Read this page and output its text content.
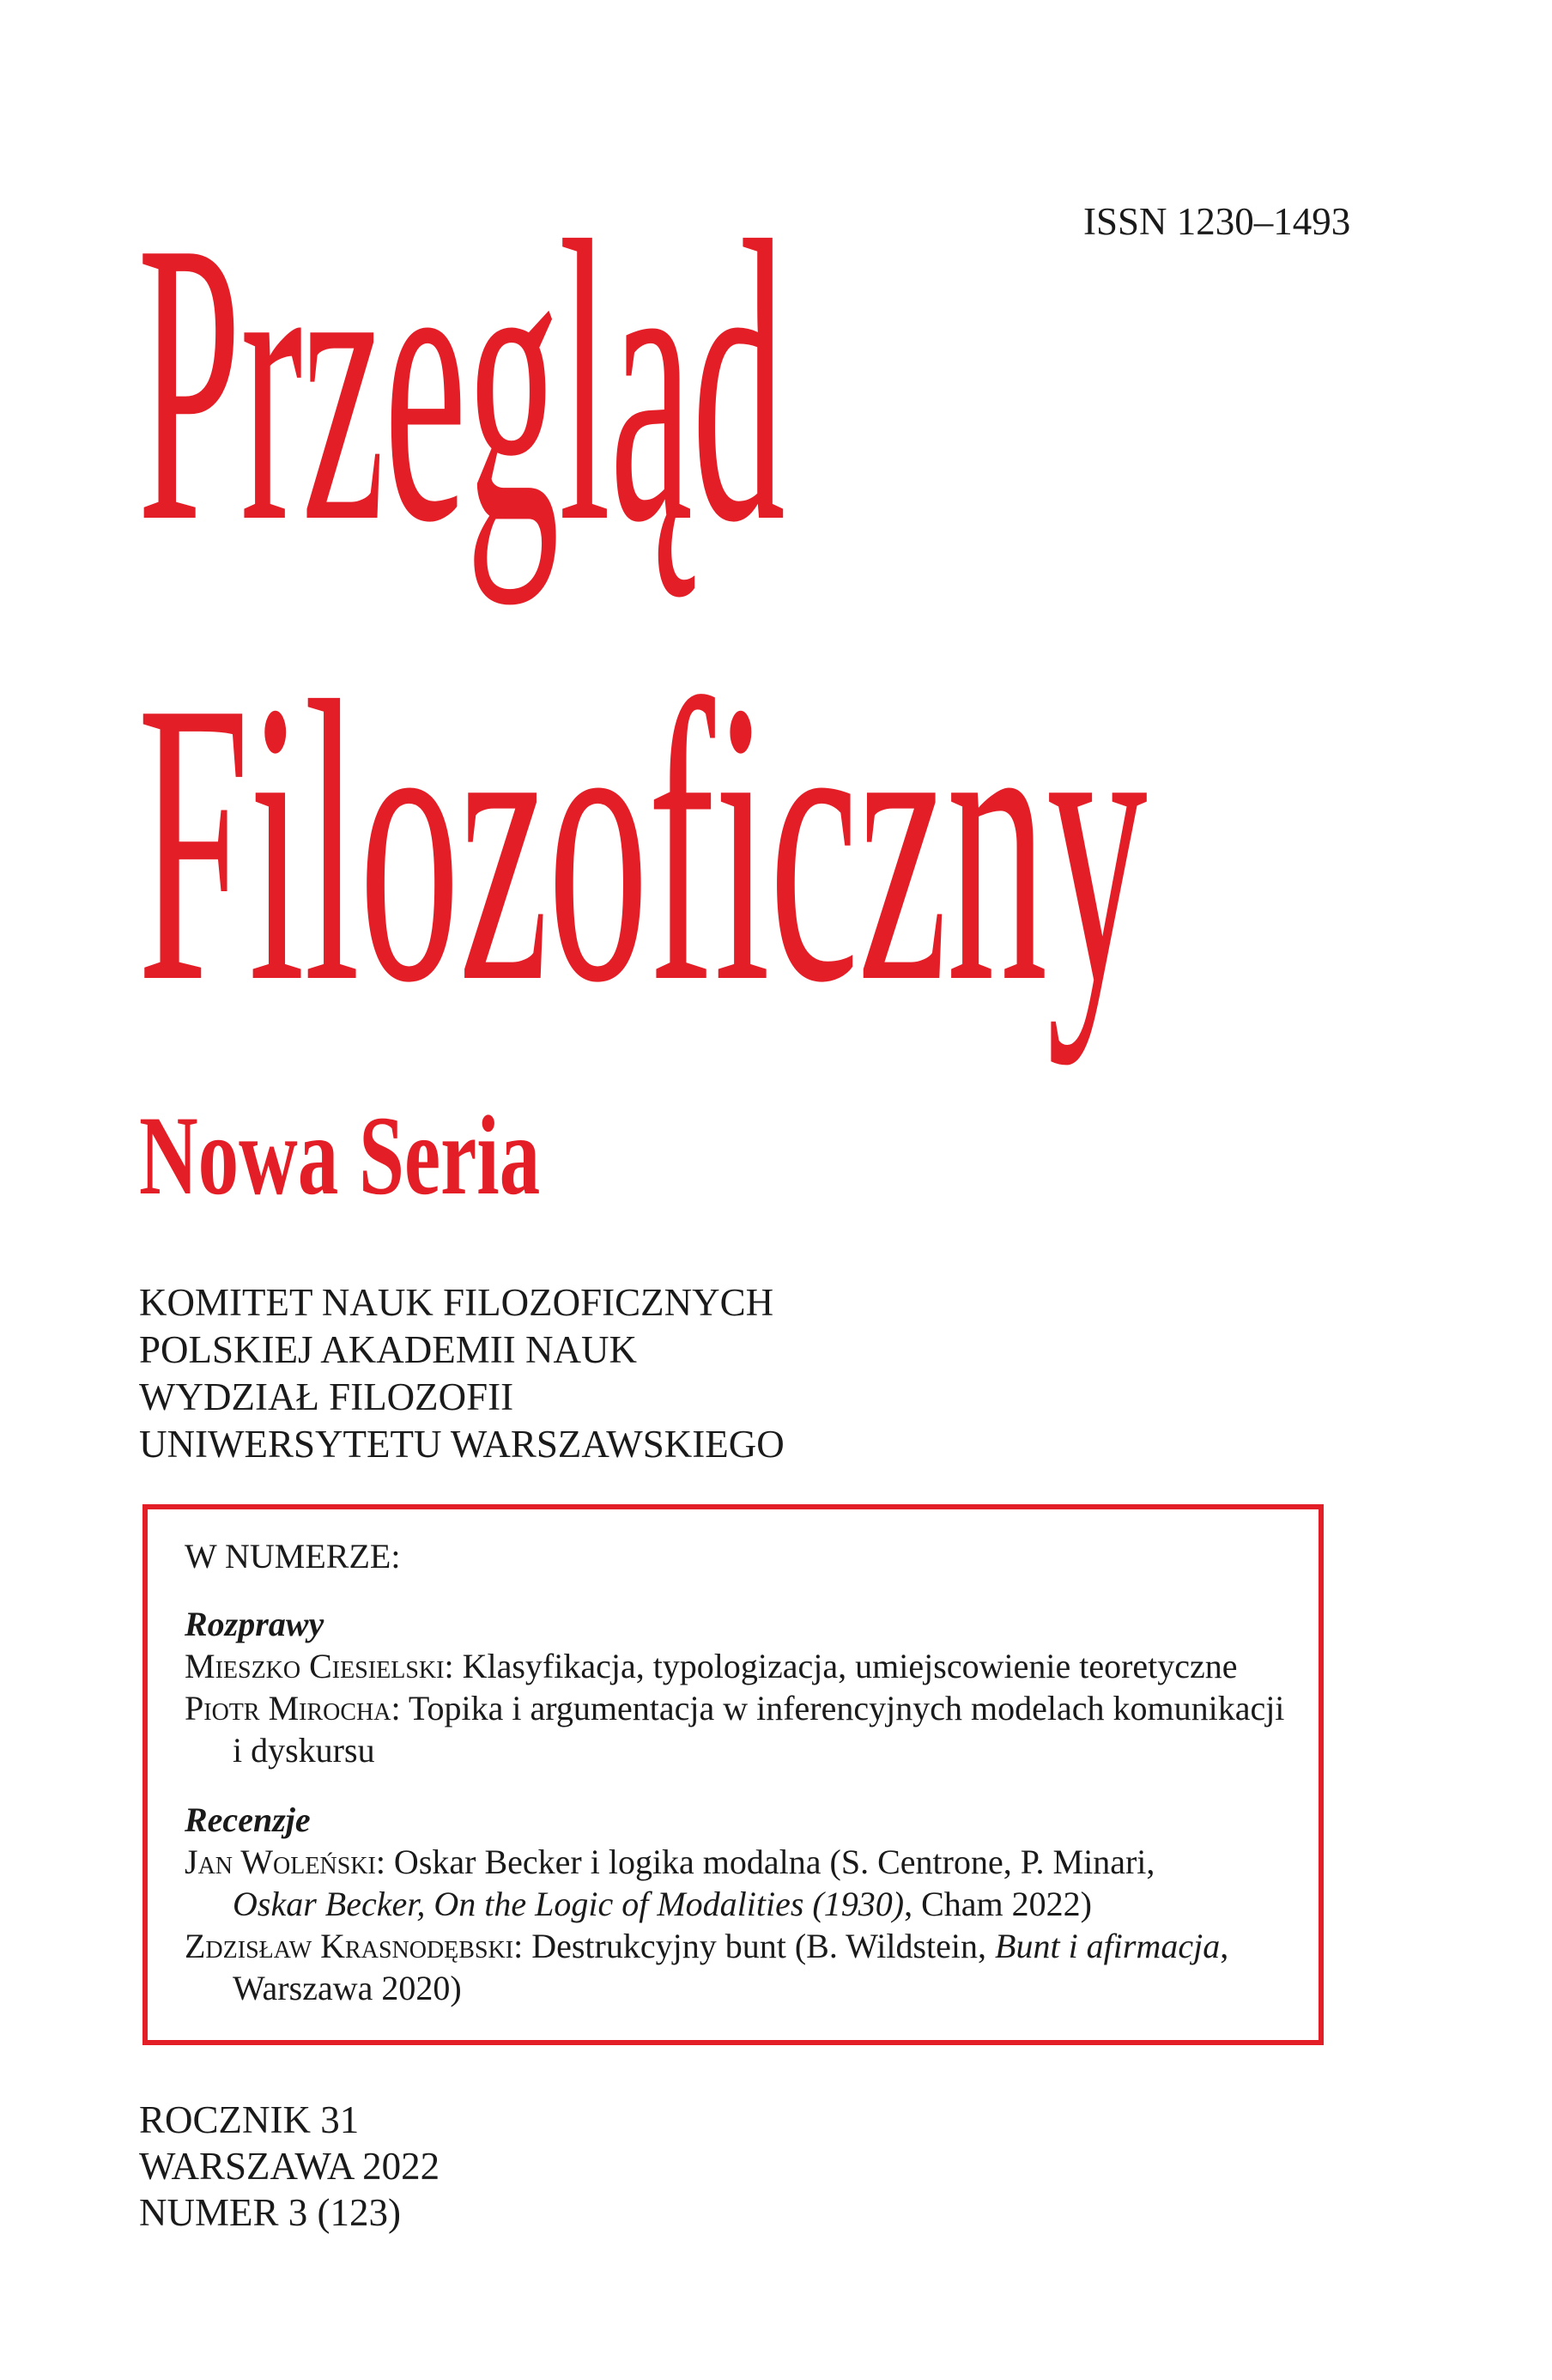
ISSN 1230–1493
Przegląd
Filozoficzny
Nowa Seria
KOMITET NAUK FILOZOFICZNYCH
POLSKIEJ AKADEMII NAUK
WYDZIAŁ FILOZOFII
UNIWERSYTETU WARSZAWSKIEGO
W NUMERZE:
Rozprawy
Mieszko Ciesielski: Klasyfikacja, typologizacja, umiejscowienie teoretyczne
Piotr Mirocha: Topika i argumentacja w inferencyjnych modelach komunikacji
i dyskursu
Recenzje
Jan Woleński: Oskar Becker i logika modalna (S. Centrone, P. Minari,
Oskar Becker, On the Logic of Modalities (1930), Cham 2022)
Zdzisław Krasnodębski: Destrukcyjny bunt (B. Wildstein, Bunt i afirmacja,
Warszawa 2020)
ROCZNIK 31
WARSZAWA 2022
NUMER 3 (123)
